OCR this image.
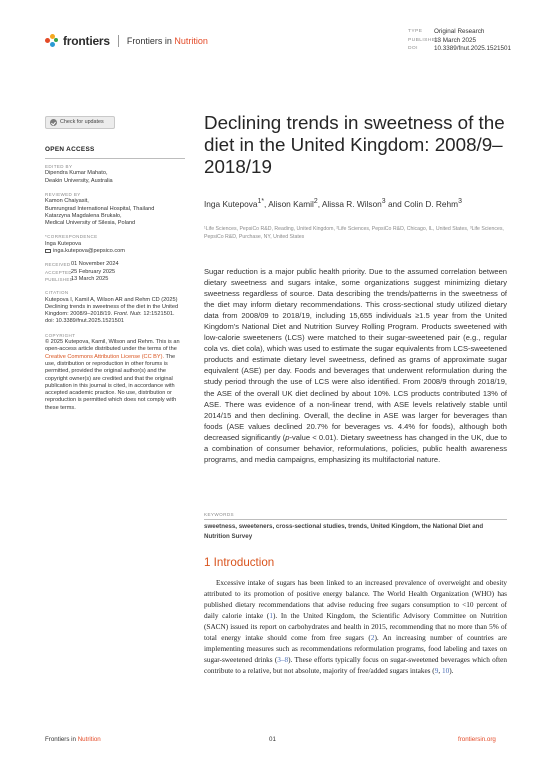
frontiers Frontiers in Nutrition
TYPE	Original Research
PUBLISHED
13 March 2025
DOI	10.3389/fnut.2025.1521501
Check for updates
OPEN ACCESS
EDITED BY
Dipendra Kumar Mahato,
Deakin University, Australia
REVIEWED BY
Kamon Chaiyasit,
Bumrungrad International Hospital, Thailand
Katarzyna Magdalena Brukało,
Medical University of Silesia, Poland
*CORRESPONDENCE
Inga Kutepova
inga.kutepova@pepsico.com
RECEIVED 01 November 2024
ACCEPTED 25 February 2025
PUBLISHED
13 March 2025
CITATION
Kutepova I, Kamil A, Wilson AR and Rehm CD (2025) Declining trends in sweetness of the diet in the United Kingdom: 2008/9–2018/19. Front. Nutr. 12:1521501.
doi: 10.3389/fnut.2025.1521501
COPYRIGHT
© 2025 Kutepova, Kamil, Wilson and Rehm. This is an open-access article distributed under the terms of the Creative Commons Attribution License (CC BY). The use, distribution or reproduction in other forums is permitted, provided the original author(s) and the copyright owner(s) are credited and that the original publication in this journal is cited, in accordance with accepted academic practice. No use, distribution or reproduction is permitted which does not comply with these terms.
Declining trends in sweetness of the diet in the United Kingdom: 2008/9–2018/19
Inga Kutepova$^{1*}$, Alison Kamil$^2$, Alissa R. Wilson$^3$ and Colin D. Rehm$^3$
¹Life Sciences, PepsiCo R&D, Reading, United Kingdom, ²Life Sciences, PepsiCo R&D, Chicago, IL, United States, ³Life Sciences, PepsiCo R&D, Purchase, NY, United States
Sugar reduction is a major public health priority. Due to the assumed correlation between dietary sweetness and sugars intake, some organizations suggest minimizing dietary sweetness regardless of source. Data describing the trends/patterns in the sweetness of the diet may inform dietary recommendations. This cross-sectional study utilized dietary data from 2008/09 to 2018/19, including 15,655 individuals ≥1.5 year from the United Kingdom's National Diet and Nutrition Survey Rolling Program. Products sweetened with low-calorie sweeteners (LCS) were matched to their sugar-sweetened pair (e.g., regular cola vs. diet cola), which was used to estimate the sugar equivalents from LCS-sweetened products and estimate dietary level sweetness, defined as grams of approximate sugar equivalent (ASE) per day. Foods and beverages that underwent reformulation during the study period through the use of LCS were also identified. From 2008/9 through 2018/19, the ASE of the overall UK diet declined by about 10%. LCS products contributed 13% of ASE. There was evidence of a non-linear trend, with ASE levels relatively stable until 2014/15 and then declining. Overall, the decline in ASE was larger for beverages than foods (ASE values declined 20.7% for beverages vs. 4.4% for foods), although both decreased significantly (p-value < 0.01). Dietary sweetness has changed in the UK, due to a combination of consumer behavior, reformulations, policies, public health awareness programs, and media campaigns, emphasizing its multifactorial nature.
KEYWORDS
sweetness, sweeteners, cross-sectional studies, trends, United Kingdom, the National Diet and Nutrition Survey
1 Introduction
Excessive intake of sugars has been linked to an increased prevalence of overweight and obesity attributed to its promotion of positive energy balance. The World Health Organization (WHO) has published dietary recommendations that advise reducing free sugars consumption to <10 percent of daily calorie intake (1). In the United Kingdom, the Scientific Advisory Committee on Nutrition (SACN) issued its report on carbohydrates and health in 2015, recommending that no more than 5% of total energy intake should come from free sugars (2). An increasing number of countries are implementing measures such as recommendations reformulation programs, food labeling and taxes on sugar-sweetened drinks (3–8). These efforts typically focus on sugar-sweetened beverages which often contribute to a relative, but not absolute, majority of free/added sugars intakes (9, 10).
Frontiers in Nutrition	01	frontiersin.org
